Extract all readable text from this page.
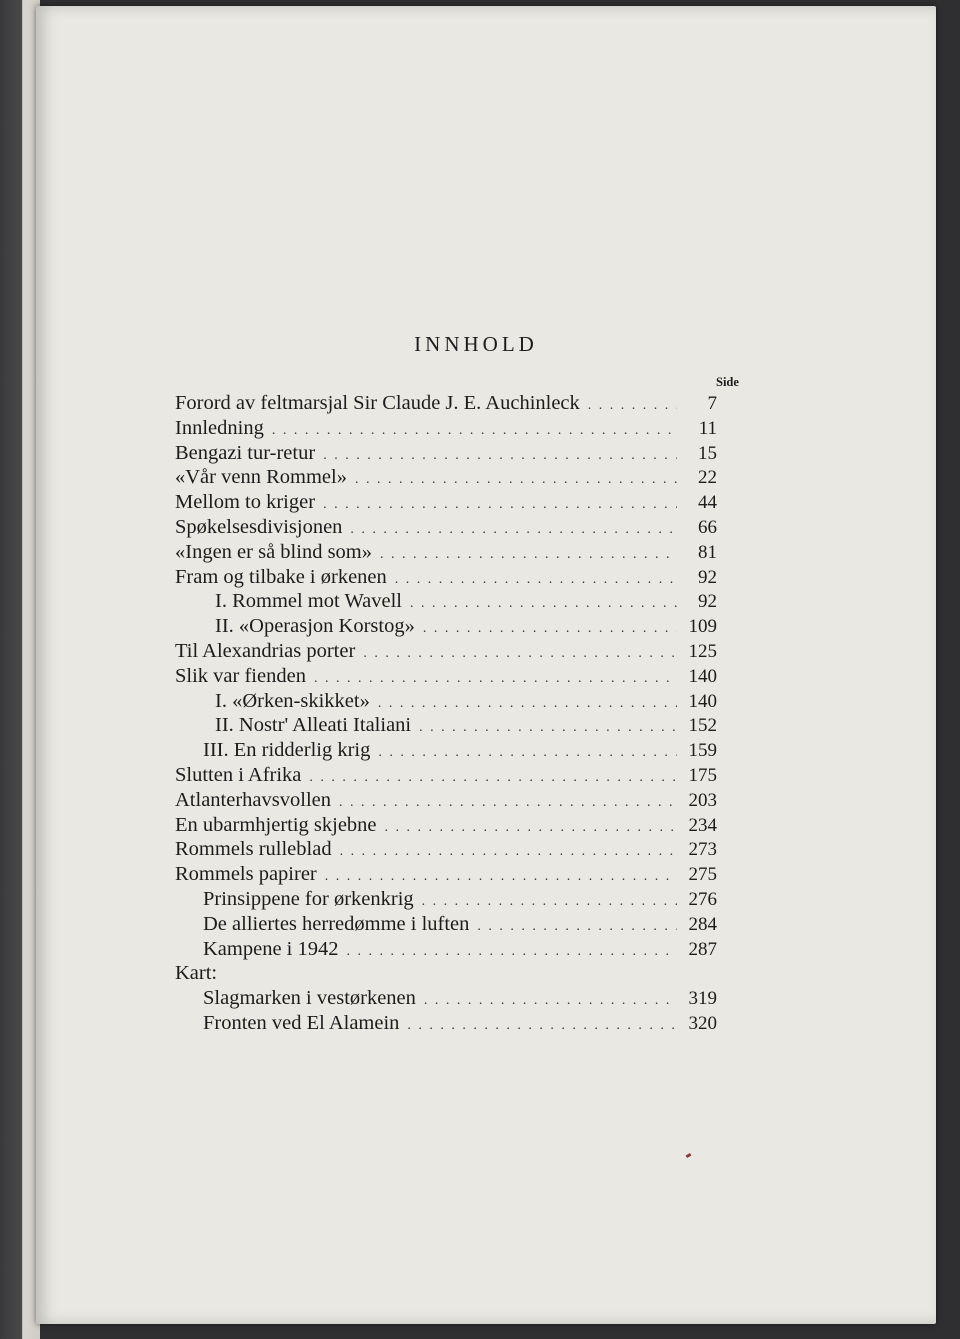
INNHOLD
Side
Forord av feltmarsjal Sir Claude J. E. Auchinleck . . .	7
Innledning . . .	11
Bengazi tur-retur . . .	15
«Vår venn Rommel» . . .	22
Mellom to kriger . . .	44
Spøkelsesdivisjonen . . .	66
«Ingen er så blind som» . . .	81
Fram og tilbake i ørkenen . . .	92
I. Rommel mot Wavell . . .	92
II. «Operasjon Korstog» . . .	109
Til Alexandrias porter . . .	125
Slik var fienden . . .	140
I. «Ørken-skikket» . . .	140
II. Nostr' Alleati Italiani . . .	152
III. En ridderlig krig . . .	159
Slutten i Afrika . . .	175
Atlanterhavsvollen . . .	203
En ubarmhjertig skjebne . . .	234
Rommels rulleblad . . .	273
Rommels papirer . . .	275
Prinsippene for ørkenkrig . . .	276
De alliertes herredømme i luften . . .	284
Kampene i 1942 . . .	287
Kart:
Slagmarken i vestørkenen . . .	319
Fronten ved El Alamein . . .	320
